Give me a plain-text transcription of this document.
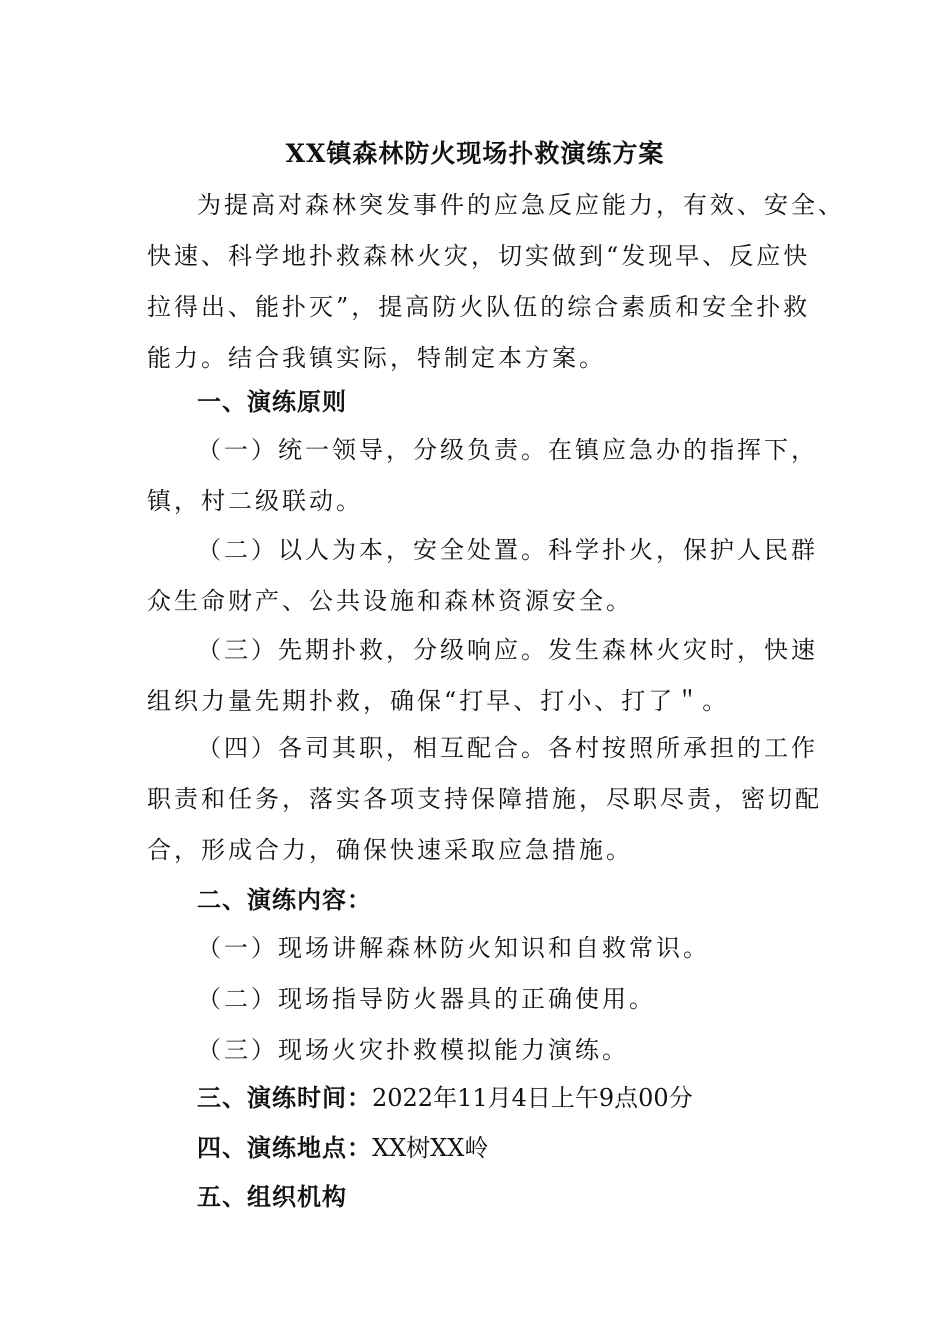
XX镇森林防火现场扑救演练方案
为提高对森林突发事件的应急反应能力，有效、安全、
快速、科学地扑救森林火灾，切实做到“发现早、反应快
拉得出、能扑灭”，提高防火队伍的综合素质和安全扑救
能力。结合我镇实际，特制定本方案。
一、演练原则
（一）统一领导，分级负责。在镇应急办的指挥下，
镇，村二级联动。
（二）以人为本，安全处置。科学扑火，保护人民群
众生命财产、公共设施和森林资源安全。
（三）先期扑救，分级响应。发生森林火灾时，快速
组织力量先期扑救，确保“打早、打小、打了＂。
（四）各司其职，相互配合。各村按照所承担的工作
职责和任务，落实各项支持保障措施，尽职尽责，密切配
合，形成合力，确保快速采取应急措施。
二、演练内容：
（一）现场讲解森林防火知识和自救常识。
（二）现场指导防火器具的正确使用。
（三）现场火灾扑救模拟能力演练。
三、演练时间：2022年11月4日上午9点00分
四、演练地点：XX树XX岭
五、组织机构
